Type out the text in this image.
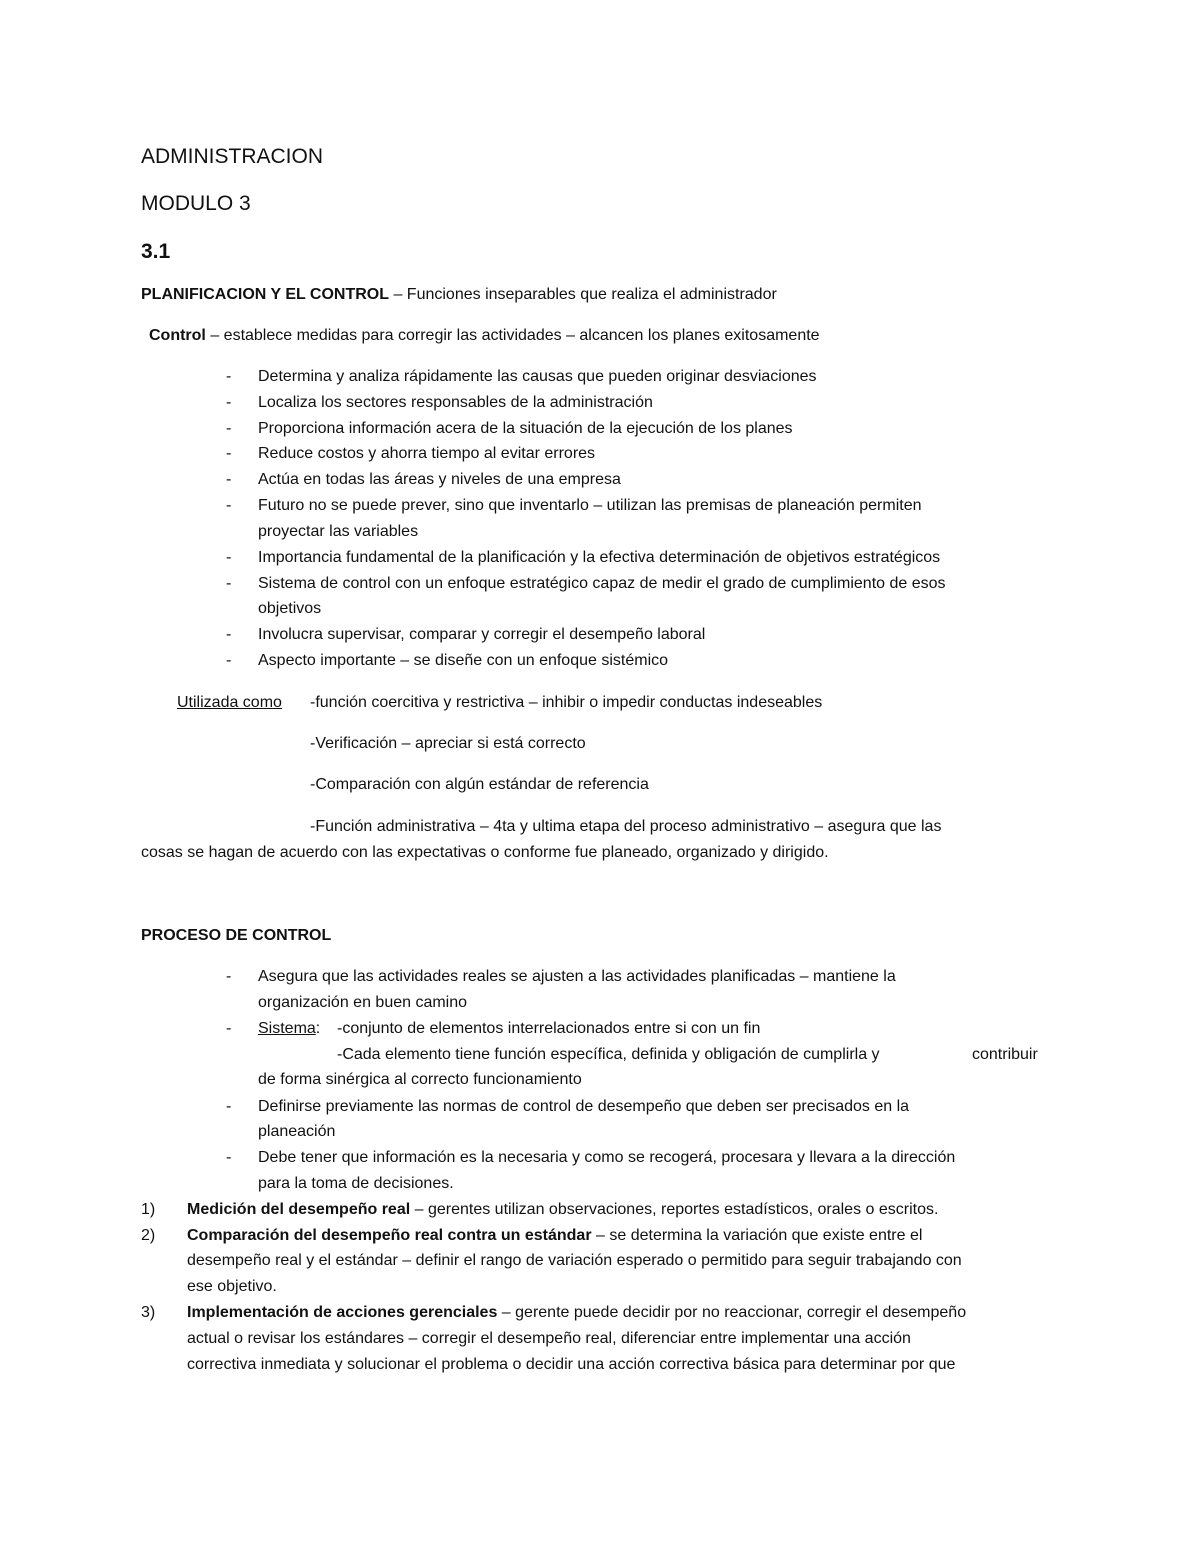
ADMINISTRACION
MODULO 3
3.1
PLANIFICACION Y EL CONTROL – Funciones inseparables que realiza el administrador
Control – establece medidas para corregir las actividades – alcancen los planes exitosamente
- Determina y analiza rápidamente las causas que pueden originar desviaciones
- Localiza los sectores responsables de la administración
- Proporciona información acera de la situación de la ejecución de los planes
- Reduce costos y ahorra tiempo al evitar errores
- Actúa en todas las áreas y niveles de una empresa
- Futuro no se puede prever, sino que inventarlo – utilizan las premisas de planeación permiten
proyectar las variables
- Importancia fundamental de la planificación y la efectiva determinación de objetivos estratégicos
- Sistema de control con un enfoque estratégico capaz de medir el grado de cumplimiento de esos
objetivos
- Involucra supervisar, comparar y corregir el desempeño laboral
- Aspecto importante – se diseñe con un enfoque sistémico
Utilizada como -función coercitiva y restrictiva – inhibir o impedir conductas indeseables
-Verificación – apreciar si está correcto
-Comparación con algún estándar de referencia
-Función administrativa – 4ta y ultima etapa del proceso administrativo – asegura que las
cosas se hagan de acuerdo con las expectativas o conforme fue planeado, organizado y dirigido.
PROCESO DE CONTROL
- Asegura que las actividades reales se ajusten a las actividades planificadas – mantiene la
organización en buen camino
- Sistema: -conjunto de elementos interrelacionados entre si con un fin
-Cada elemento tiene función específica, definida y obligación de cumplirla y	contribuir
de forma sinérgica al correcto funcionamiento
- Definirse previamente las normas de control de desempeño que deben ser precisados en la
planeación
- Debe tener que información es la necesaria y como se recogerá, procesara y llevara a la dirección
para la toma de decisiones.
1) Medición del desempeño real – gerentes utilizan observaciones, reportes estadísticos, orales o escritos.
2) Comparación del desempeño real contra un estándar – se determina la variación que existe entre el
desempeño real y el estándar – definir el rango de variación esperado o permitido para seguir trabajando con
ese objetivo.
3) Implementación de acciones gerenciales – gerente puede decidir por no reaccionar, corregir el desempeño
actual o revisar los estándares – corregir el desempeño real, diferenciar entre implementar una acción
correctiva inmediata y solucionar el problema o decidir una acción correctiva básica para determinar por que
